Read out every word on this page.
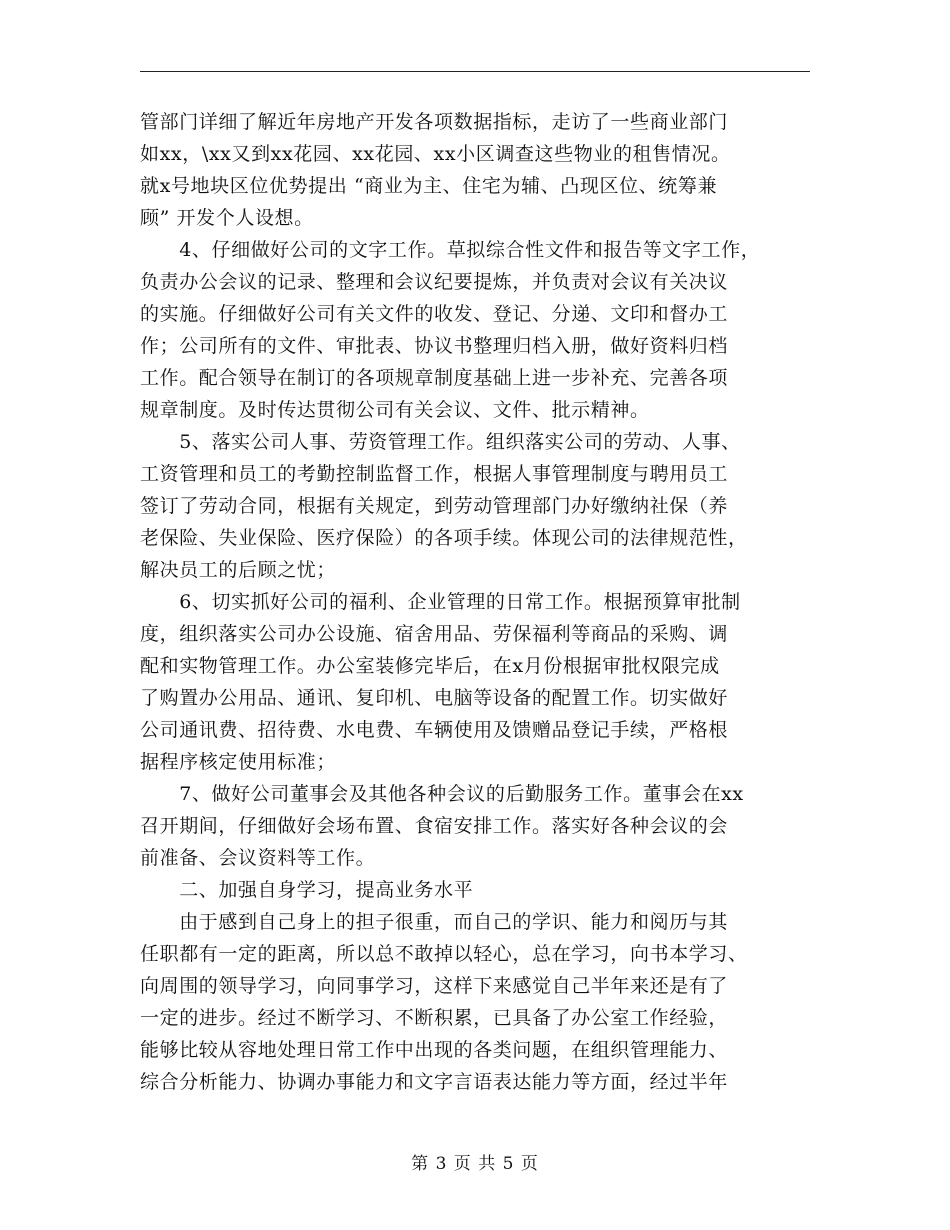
管部门详细了解近年房地产开发各项数据指标，走访了一些商业部门
如xx，\xx又到xx花园、xx花园、xx小区调查这些物业的租售情况。
就x号地块区位优势提出 “商业为主、住宅为辅、凸现区位、统筹兼
顾” 开发个人设想。
　　4、仔细做好公司的文字工作。草拟综合性文件和报告等文字工作，
负责办公会议的记录、整理和会议纪要提炼，并负责对会议有关决议
的实施。仔细做好公司有关文件的收发、登记、分递、文印和督办工
作；公司所有的文件、审批表、协议书整理归档入册，做好资料归档
工作。配合领导在制订的各项规章制度基础上进一步补充、完善各项
规章制度。及时传达贯彻公司有关会议、文件、批示精神。
　　5、落实公司人事、劳资管理工作。组织落实公司的劳动、人事、
工资管理和员工的考勤控制监督工作，根据人事管理制度与聘用员工
签订了劳动合同，根据有关规定，到劳动管理部门办好缴纳社保（养
老保险、失业保险、医疗保险）的各项手续。体现公司的法律规范性，
解决员工的后顾之忧；
　　6、切实抓好公司的福利、企业管理的日常工作。根据预算审批制
度，组织落实公司办公设施、宿舍用品、劳保福利等商品的采购、调
配和实物管理工作。办公室装修完毕后，在x月份根据审批权限完成
了购置办公用品、通讯、复印机、电脑等设备的配置工作。切实做好
公司通讯费、招待费、水电费、车辆使用及馈赠品登记手续，严格根
据程序核定使用标准；
　　7、做好公司董事会及其他各种会议的后勤服务工作。董事会在xx
召开期间，仔细做好会场布置、食宿安排工作。落实好各种会议的会
前准备、会议资料等工作。
　　二、加强自身学习，提高业务水平
　　由于感到自己身上的担子很重，而自己的学识、能力和阅历与其
任职都有一定的距离，所以总不敢掉以轻心，总在学习，向书本学习、
向周围的领导学习，向同事学习，这样下来感觉自己半年来还是有了
一定的进步。经过不断学习、不断积累，已具备了办公室工作经验，
能够比较从容地处理日常工作中出现的各类问题，在组织管理能力、
综合分析能力、协调办事能力和文字言语表达能力等方面，经过半年
第 3 页 共 5 页
